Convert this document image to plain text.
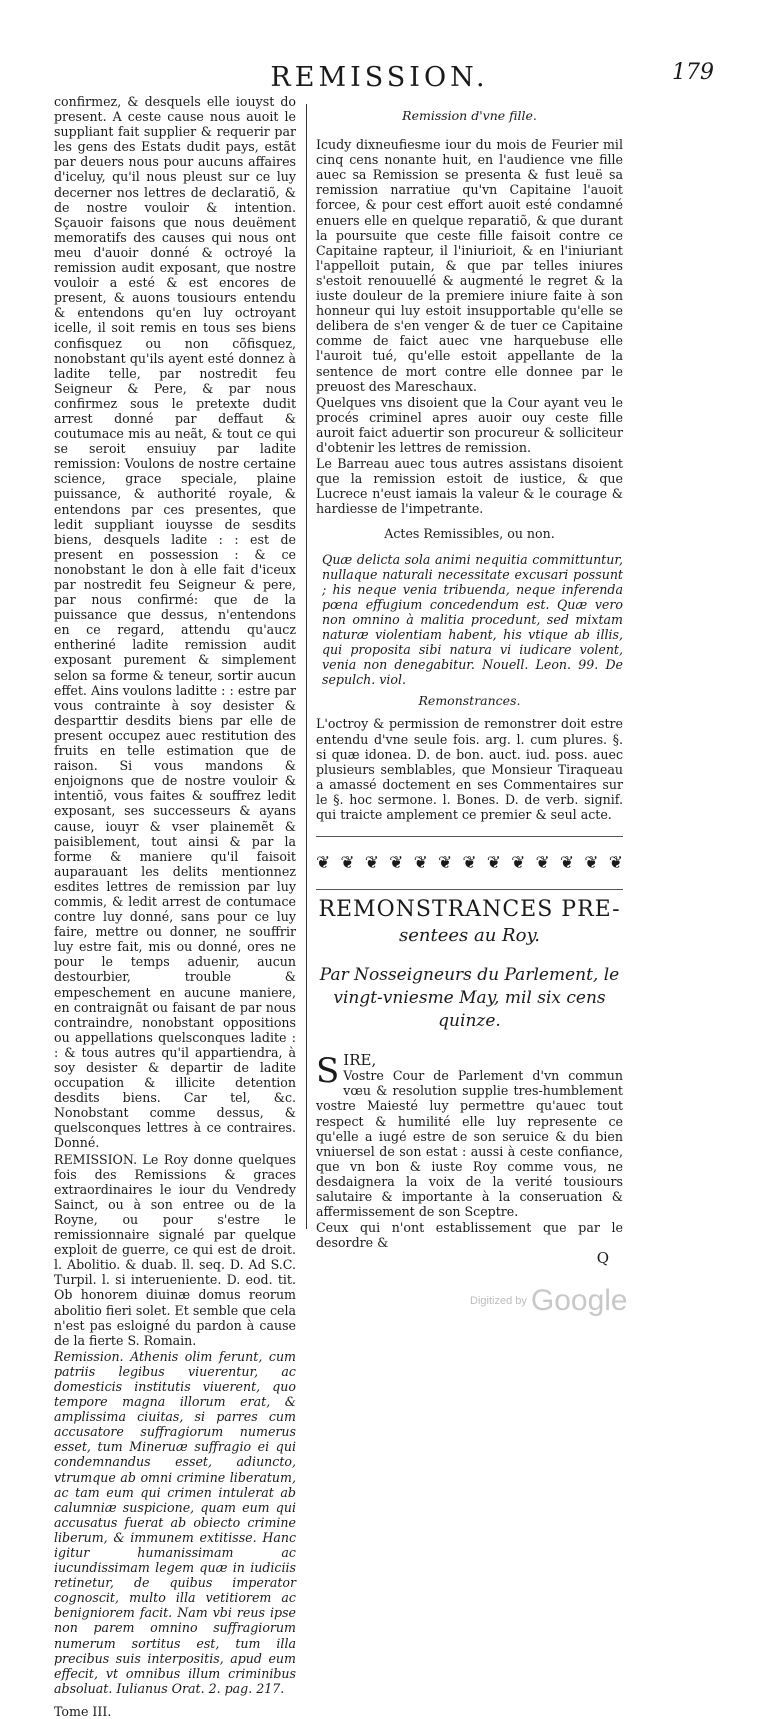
REMISSION.	179

confirmez, & desquels elle iouyst do present. A ceste cause nous auoit le suppliant fait supplier & requerir par les gens des Estats dudit pays, estãt par deuers nous pour aucuns affaires d'iceluy, qu'il nous pleust sur ce luy decerner nos lettres de declaratiõ, & de nostre vouloir & intention. Sçauoir faisons que nous deuëment memoratifs des causes qui nous ont meu d'auoir donné & octroyé la remission audit exposant, que nostre vouloir a esté & est encores de present, & auons tousiours entendu & entendons qu'en luy octroyant icelle, il soit remis en tous ses biens confisquez ou non cõfisquez, nonobstant qu'ils ayent esté donnez à ladite telle, par nostredit feu Seigneur & Pere, & par nous confirmez sous le pretexte dudit arrest donné par deffaut & coutumace mis au neãt, & tout ce qui se seroit ensuiuy par ladite remission: Voulons de nostre certaine science, grace speciale, plaine puissance, & authorité royale, & entendons par ces presentes, que ledit suppliant iouysse de sesdits biens, desquels ladite : : est de present en possession : & ce nonobstant le don à elle fait d'iceux par nostredit feu Seigneur & pere, par nous confirmé: que de la puissance que dessus, n'entendons en ce regard, attendu qu'aucz entheriné ladite remission audit exposant purement & simplement selon sa forme & teneur, sortir aucun effet. Ains voulons laditte : : estre par vous contrainte à soy desister & desparttir desdits biens par elle de present occupez auec restitution des fruits en telle estimation que de raison. Si vous mandons & enjoignons que de nostre vouloir & intentiõ, vous faites & souffrez ledit exposant, ses successeurs & ayans cause, iouyr & vser plainemẽt & paisiblement, tout ainsi & par la forme & maniere qu'il faisoit auparauant les delits mentionnez esdites lettres de remission par luy commis, & ledit arrest de contumace contre luy donné, sans pour ce luy faire, mettre ou donner, ne souffrir luy estre fait, mis ou donné, ores ne pour le temps aduenir, aucun destourbier, trouble & empeschement en aucune maniere, en contraignãt ou faisant de par nous contraindre, nonobstant oppositions ou appellations quelsconques ladite : : & tous autres qu'il appartiendra, à soy desister & departir de ladite occupation & illicite detention desdits biens. Car tel, &c. Nonobstant comme dessus, & quelsconques lettres à ce contraires. Donné.

REMISSION. Le Roy donne quelques fois des Remissions & graces extraordinaires le iour du Vendredy Sainct, ou à son entree ou de la Royne, ou pour s'estre le remissionnaire signalé par quelque exploit de guerre, ce qui est de droit. l. Abolitio. & duab. ll. seq. D. Ad S.C. Turpil. l. si interueniente. D. eod. tit. Ob honorem diuinæ domus reorum abolitio fieri solet. Et semble que cela n'est pas esloigné du pardon à cause de la fierte S. Romain.

Remission. Athenis olim ferunt, cum patriis legibus viuerentur, ac domesticis institutis viuerent, quo tempore magna illorum erat, & amplissima ciuitas, si parres cum accusatore suffragiorum numerus esset, tum Mineruæ suffragio ei qui condemnandus esset, adiuncto, vtrumque ab omni crimine liberatum, ac tam eum qui crimen intulerat ab calumniæ suspicione, quam eum qui accusatus fuerat ab obiecto crimine liberum, & immunem extitisse. Hanc igitur humanissimam ac iucundissimam legem quæ in iudiciis retinetur, de quibus imperator cognoscit, multo illa vetitiorem ac benigniorem facit. Nam vbi reus ipse non parem omnino suffragiorum numerum sortitus est, tum illa precibus suis interpositis, apud eum effecit, vt omnibus illum criminibus absoluat. Iulianus Orat. 2. pag. 217.

Tome III.
Remission d'vne fille.

Icudy dixneufiesme iour du mois de Feurier mil cinq cens nonante huit, en l'audience vne fille auec sa Remission se presenta & fust leuë sa remission narratiue qu'vn Capitaine l'auoit forcee, & pour cest effort auoit esté condamné enuers elle en quelque reparatiõ, & que durant la poursuite que ceste fille faisoit contre ce Capitaine rapteur, il l'iniurioit, & en l'iniuriant l'appelloit putain, & que par telles iniures s'estoit renouuellé & augmenté le regret & la iuste douleur de la premiere iniure faite à son honneur qui luy estoit insupportable qu'elle se delibera de s'en venger & de tuer ce Capitaine comme de faict auec vne harquebuse elle l'auroit tué, qu'elle estoit appellante de la sentence de mort contre elle donnee par le preuost des Mareschaux.

Quelques vns disoient que la Cour ayant veu le procés criminel apres auoir ouy ceste fille auroit faict aduertir son procureur & solliciteur d'obtenir les lettres de remission.

Le Barreau auec tous autres assistans disoient que la remission estoit de iustice, & que Lucrece n'eust iamais la valeur & le courage & hardiesse de l'impetrante.

Actes Remissibles, ou non.

Quæ delicta sola animi nequitia committuntur, nullaque naturali necessitate excusari possunt ; his neque venia tribuenda, neque inferenda pœna effugium concedendum est. Quæ vero non omnino à malitia procedunt, sed mixtam naturæ violentiam habent, his vtique ab illis, qui proposita sibi natura vi iudicare volent, venia non denegabitur. Nouell. Leon. 99. De sepulch. viol.

Remonstrances.

L'octroy & permission de remonstrer doit estre entendu d'vne seule fois. arg. l. cum plures. §. si quæ idonea. D. de bon. auct. iud. poss. auec plusieurs semblables, que Monsieur Tiraqueau a amassé doctement en ses Commentaires sur le §. hoc sermone. l. Bones. D. de verb. signif. qui traicte amplement ce premier & seul acte.

❦ ❦ ❦ ❦ ❦ ❦ ❦ ❦ ❦ ❦ ❦ ❦ ❦
REMONSTRANCES PRE-
sentees au Roy.
Par Nosseigneurs du Parlement, le vingt-vniesme May, mil six cens quinze.
SIRE,

Vostre Cour de Parlement d'vn commun vœu & resolution supplie tres-humblement vostre Maiesté luy permettre qu'auec tout respect & humilité elle luy represente ce qu'elle a iugé estre de son seruice & du bien vniuersel de son estat : aussi à ceste confiance, que vn bon & iuste Roy comme vous, ne desdaignera la voix de la verité tousiours salutaire & importante à la conseruation & affermissement de son Sceptre.

Ceux qui n'ont establissement que par le desordre &

Q
Digitized by Google
